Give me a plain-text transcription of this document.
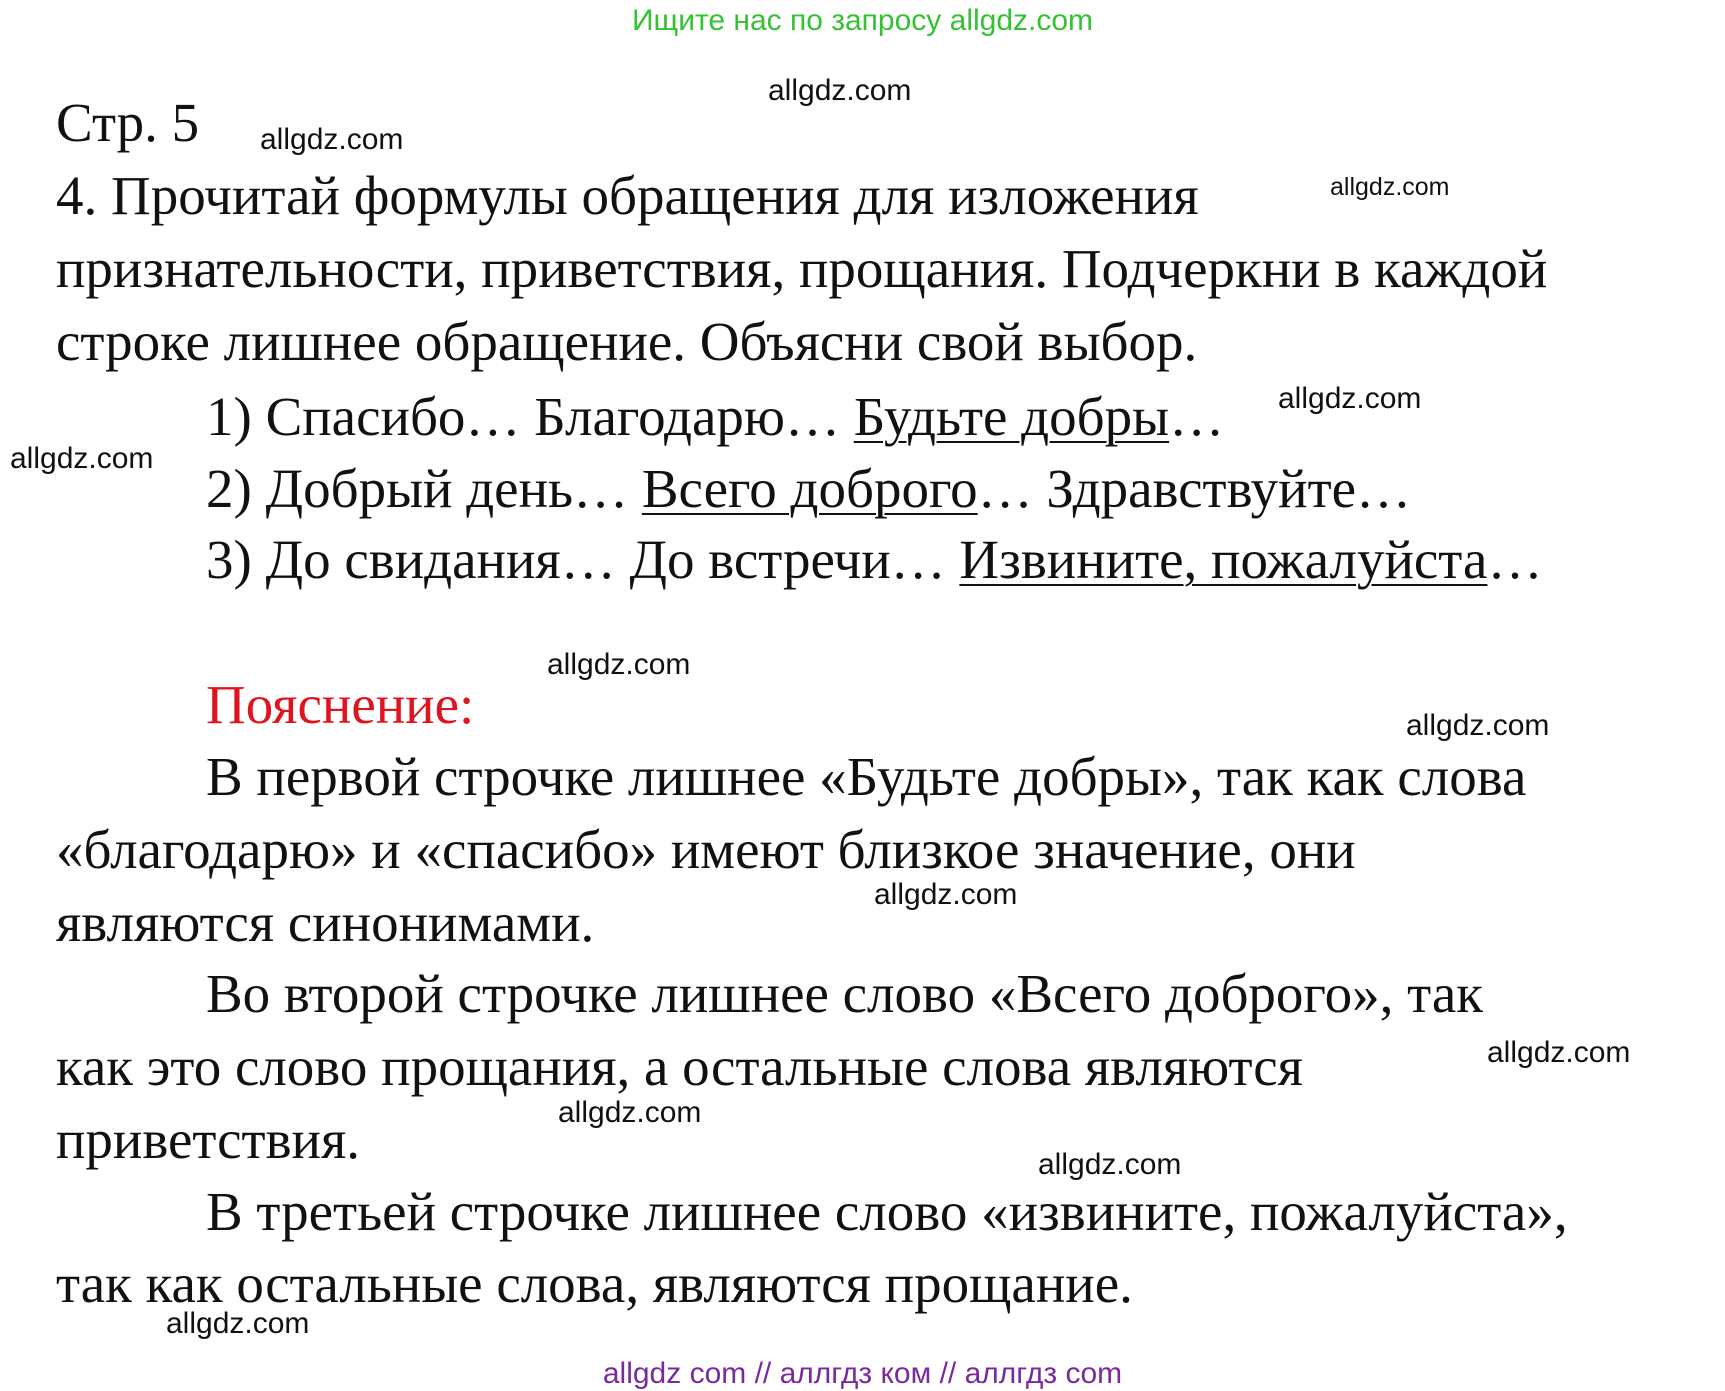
Ищите нас по запросу allgdz.com
allgdz.com
allgdz.com
allgdz.com
allgdz.com
allgdz.com
allgdz.com
allgdz.com
allgdz.com
allgdz.com
allgdz.com
allgdz.com
allgdz.com
Стр. 5
4. Прочитай формулы обращения для изложения
признательности, приветствия, прощания. Подчеркни в каждой
строке лишнее обращение. Объясни свой выбор.
1) Спасибо… Благодарю… Будьте добры…
2) Добрый день… Всего доброго… Здравствуйте…
3) До свидания… До встречи… Извините, пожалуйста…
Пояснение:
В первой строчке лишнее «Будьте добры», так как слова
«благодарю» и «спасибо» имеют близкое значение, они
являются синонимами.
Во второй строчке лишнее слово «Всего доброго», так
как это слово прощания, а остальные слова являются
приветствия.
В третьей строчке лишнее слово «извините, пожалуйста»,
так как остальные слова, являются прощание.
allgdz com // аллгдз ком // аллгдз com
